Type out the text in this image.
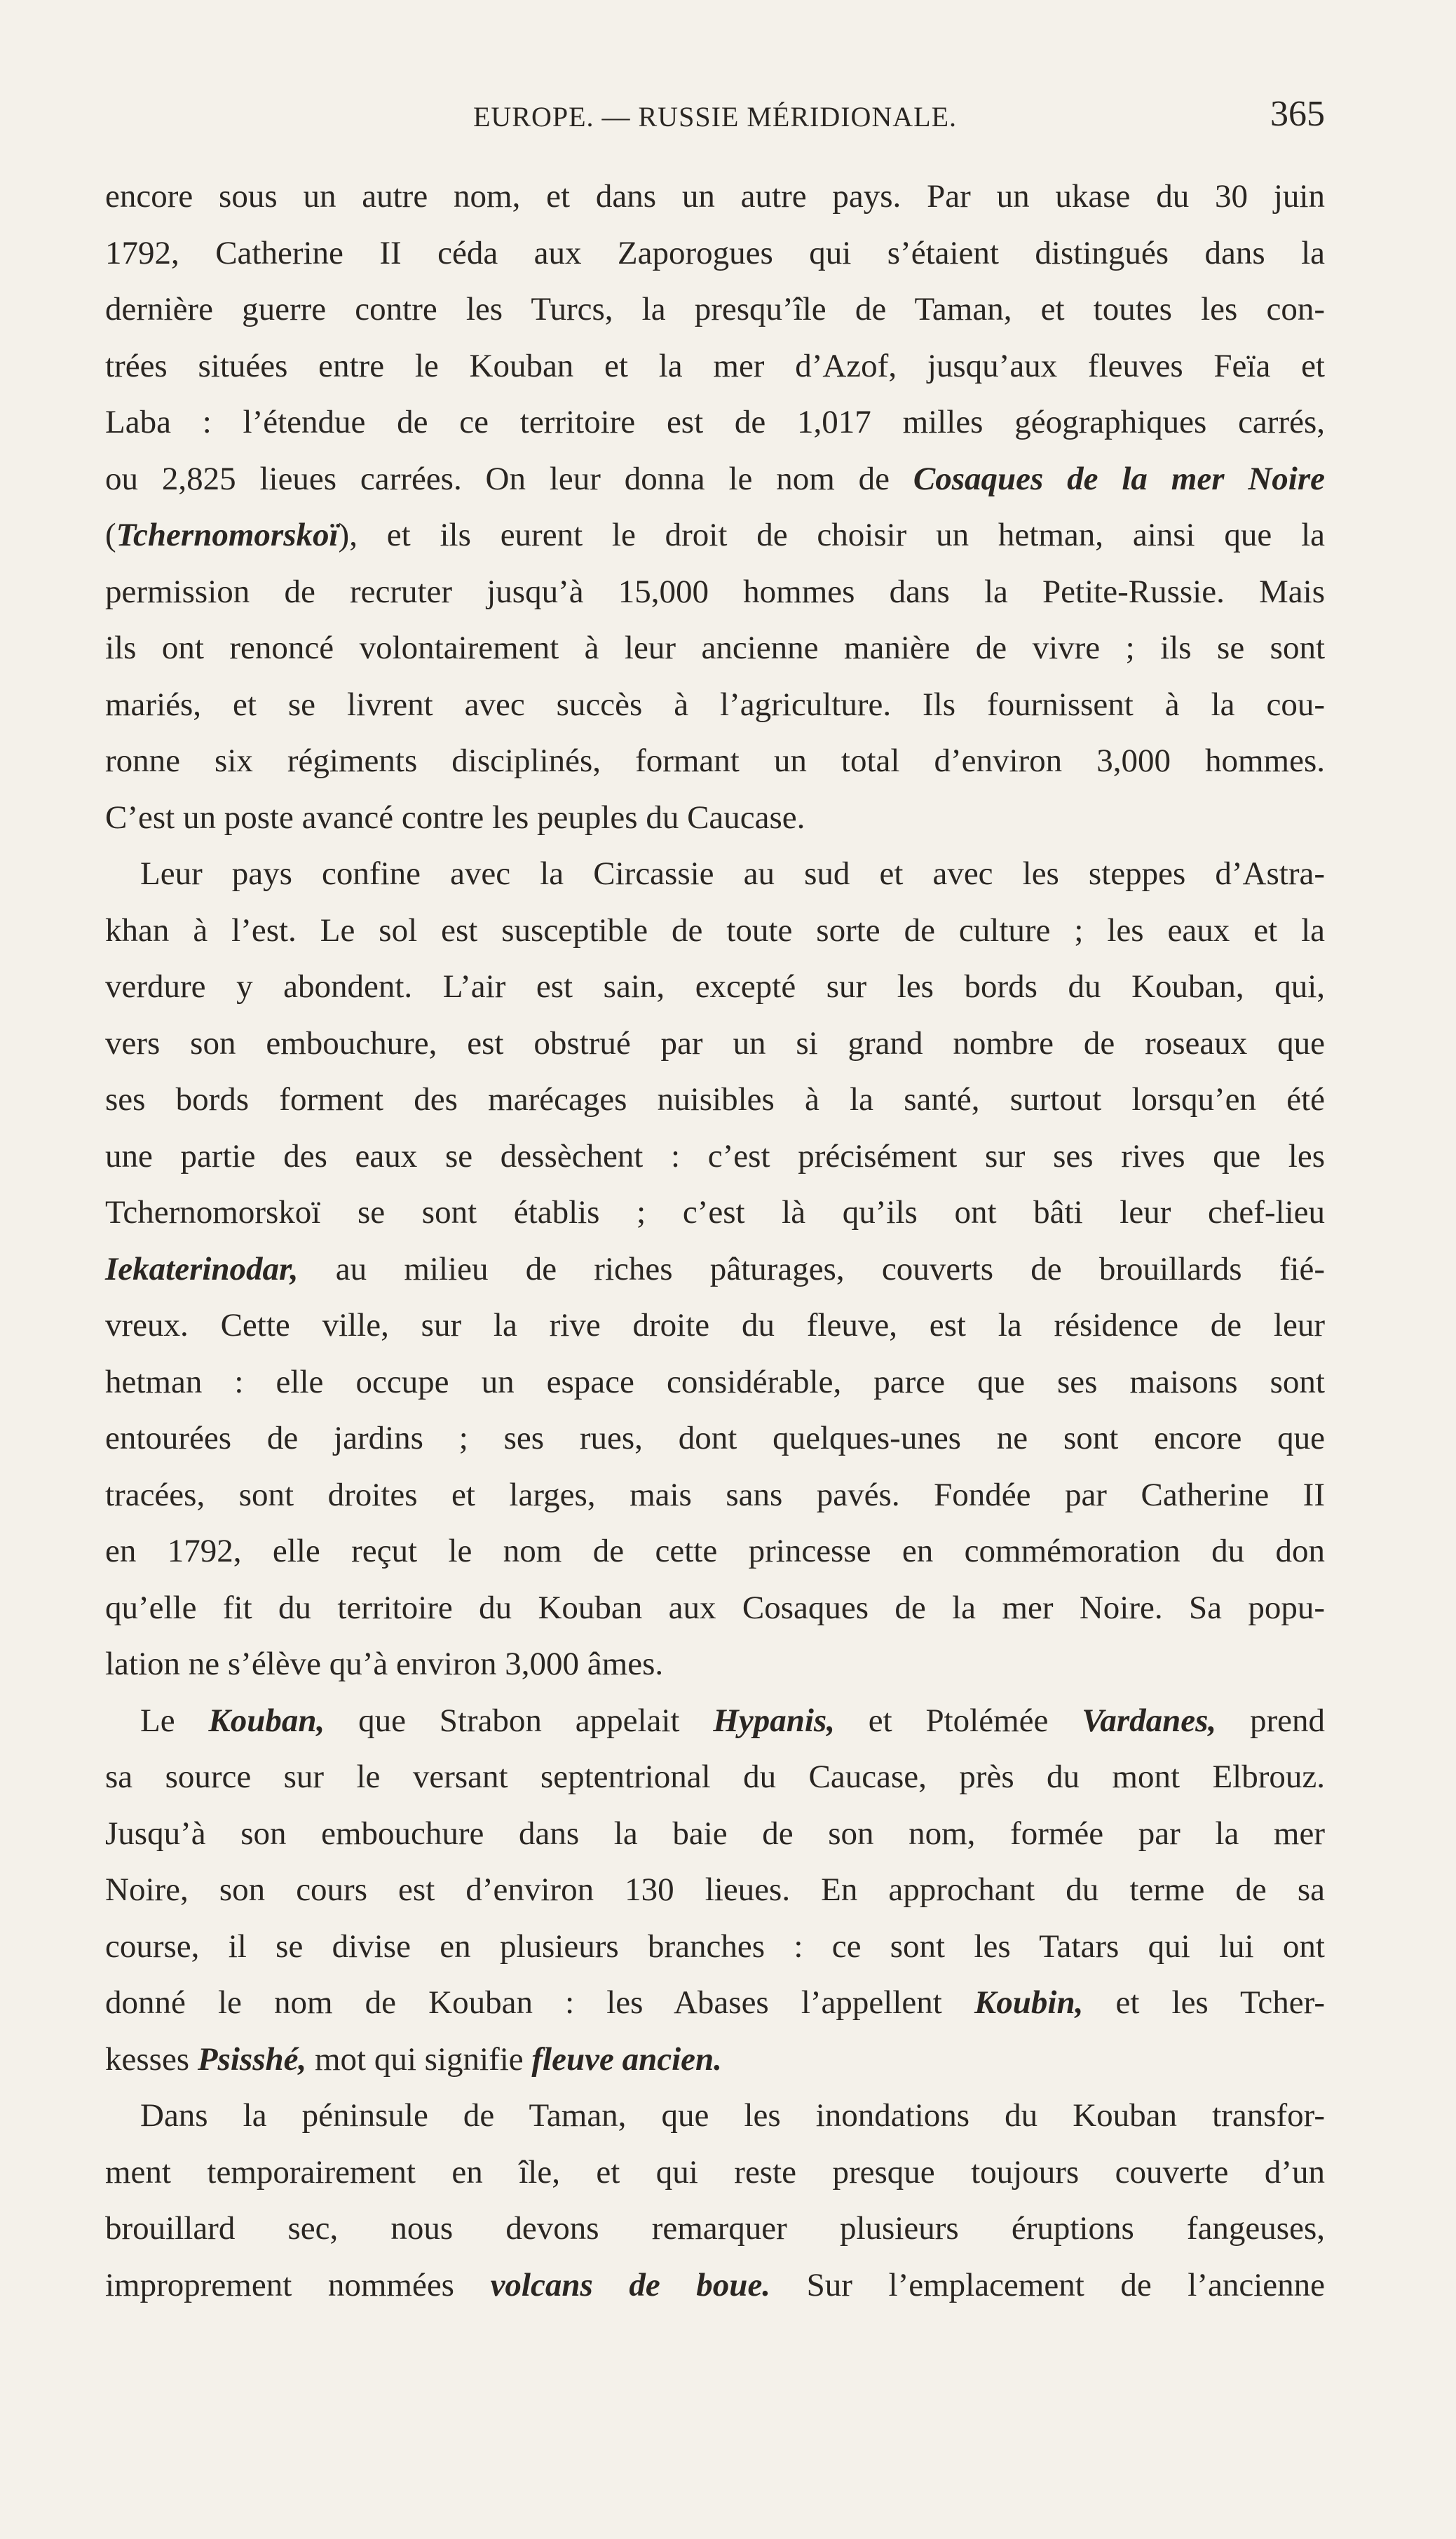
EUROPE. — RUSSIE MÉRIDIONALE.	365
encore sous un autre nom, et dans un autre pays. Par un ukase du 30 juin
1792, Catherine II céda aux Zaporogues qui s’étaient distingués dans la
dernière guerre contre les Turcs, la presqu’île de Taman, et toutes les con-
trées situées entre le Kouban et la mer d’Azof, jusqu’aux fleuves Feïa et
Laba : l’étendue de ce territoire est de 1,017 milles géographiques carrés,
ou 2,825 lieues carrées. On leur donna le nom de Cosaques de la mer Noire
(Tchernomorskoï), et ils eurent le droit de choisir un hetman, ainsi que la
permission de recruter jusqu’à 15,000 hommes dans la Petite-Russie. Mais
ils ont renoncé volontairement à leur ancienne manière de vivre ; ils se sont
mariés, et se livrent avec succès à l’agriculture. Ils fournissent à la cou-
ronne six régiments disciplinés, formant un total d’environ 3,000 hommes.
C’est un poste avancé contre les peuples du Caucase.
Leur pays confine avec la Circassie au sud et avec les steppes d’Astra-
khan à l’est. Le sol est susceptible de toute sorte de culture ; les eaux et la
verdure y abondent. L’air est sain, excepté sur les bords du Kouban, qui,
vers son embouchure, est obstrué par un si grand nombre de roseaux que
ses bords forment des marécages nuisibles à la santé, surtout lorsqu’en été
une partie des eaux se dessèchent : c’est précisément sur ses rives que les
Tchernomorskoï se sont établis ; c’est là qu’ils ont bâti leur chef-lieu
Iekaterinodar, au milieu de riches pâturages, couverts de brouillards fié-
vreux. Cette ville, sur la rive droite du fleuve, est la résidence de leur
hetman : elle occupe un espace considérable, parce que ses maisons sont
entourées de jardins ; ses rues, dont quelques-unes ne sont encore que
tracées, sont droites et larges, mais sans pavés. Fondée par Catherine II
en 1792, elle reçut le nom de cette princesse en commémoration du don
qu’elle fit du territoire du Kouban aux Cosaques de la mer Noire. Sa popu-
lation ne s’élève qu’à environ 3,000 âmes.
Le Kouban, que Strabon appelait Hypanis, et Ptolémée Vardanes, prend
sa source sur le versant septentrional du Caucase, près du mont Elbrouz.
Jusqu’à son embouchure dans la baie de son nom, formée par la mer
Noire, son cours est d’environ 130 lieues. En approchant du terme de sa
course, il se divise en plusieurs branches : ce sont les Tatars qui lui ont
donné le nom de Kouban : les Abases l’appellent Koubin, et les Tcher-
kesses Psisshé, mot qui signifie fleuve ancien.
Dans la péninsule de Taman, que les inondations du Kouban transfor-
ment temporairement en île, et qui reste presque toujours couverte d’un
brouillard sec, nous devons remarquer plusieurs éruptions fangeuses,
improprement nommées volcans de boue. Sur l’emplacement de l’ancienne
